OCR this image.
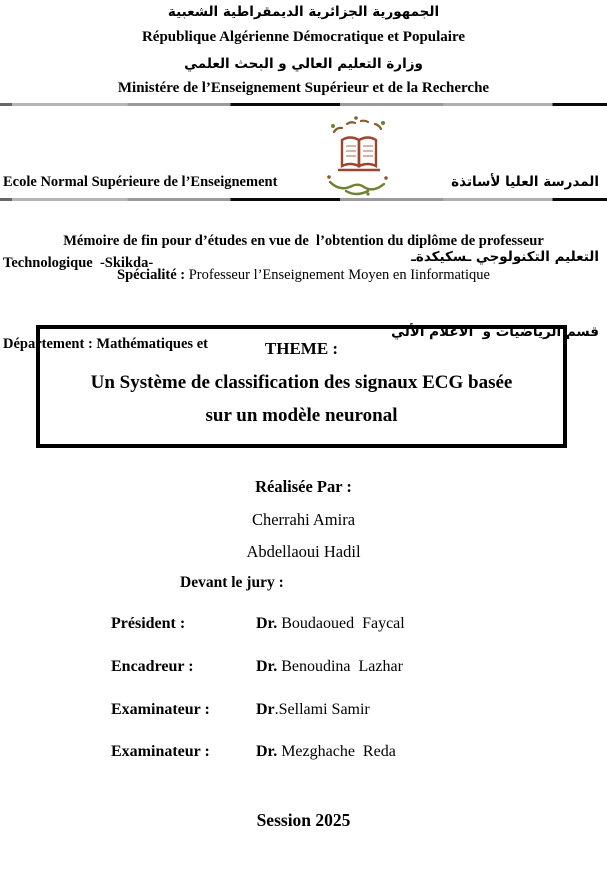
الجمهورية الجزائرية الديمقراطية الشعبية
République Algérienne Démocratique et Populaire
وزارة التعليم العالي و البحث العلمي
Ministére de l’Enseignement Supérieur et de la Recherche

Ecole Normal Supérieure de l’Enseignement

Technologique  -Skikda-

Département : Mathématiques et

المدرسة العليا لأساتذة

التعليم التكنولوجي ـسكيكدةـ

قسم الرياضيات و  الاعلام الألي

Mémoire de fin pour d’études en vue de  l’obtention du diplôme de professeur
Spécialité : Professeur l’Enseignement Moyen en Iinformatique
THEME :
Un Système de classification des signaux ECG basée
sur un modèle neuronal
Réalisée Par :
Cherrahi Amira
Abdellaoui Hadil
Devant le jury :
Président :	Dr. Boudaoued  Faycal
Encadreur :	Dr. Benoudina  Lazhar
Examinateur :	Dr.Sellami Samir
Examinateur :	Dr. Mezghache  Reda
Session 2025
